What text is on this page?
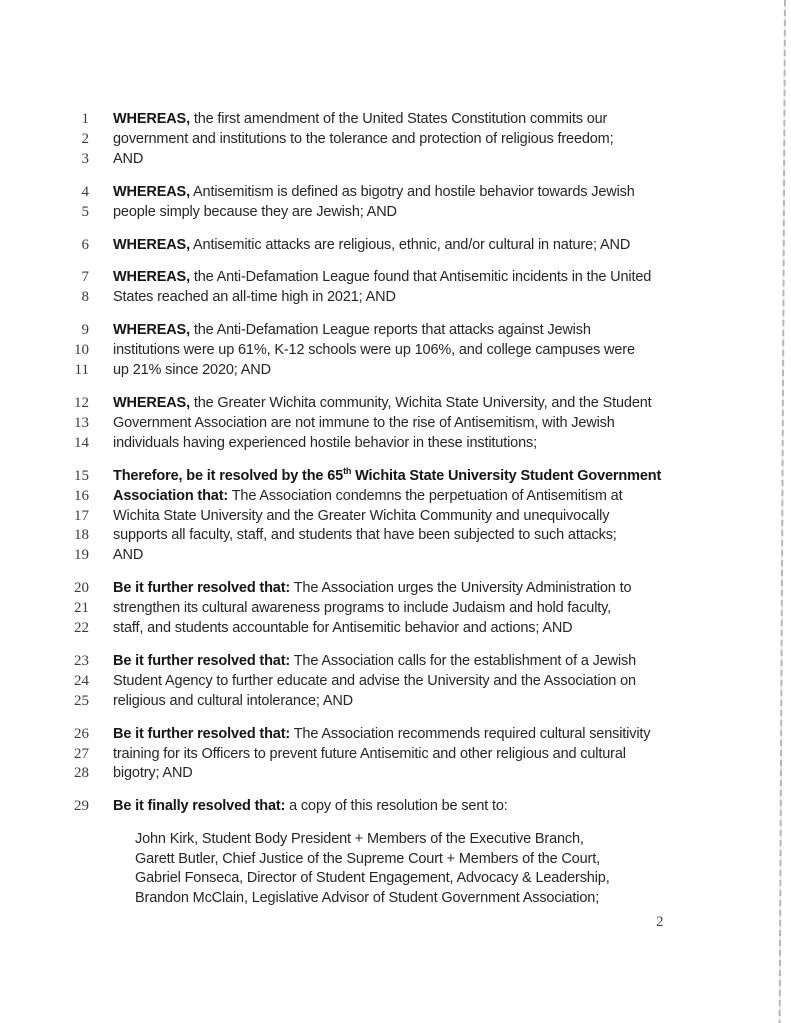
1 WHEREAS, the first amendment of the United States Constitution commits our
2 government and institutions to the tolerance and protection of religious freedom;
3 AND
4 WHEREAS, Antisemitism is defined as bigotry and hostile behavior towards Jewish
5 people simply because they are Jewish; AND
6 WHEREAS, Antisemitic attacks are religious, ethnic, and/or cultural in nature; AND
7 WHEREAS, the Anti-Defamation League found that Antisemitic incidents in the United
8 States reached an all-time high in 2021; AND
9 WHEREAS, the Anti-Defamation League reports that attacks against Jewish
10 institutions were up 61%, K-12 schools were up 106%, and college campuses were
11 up 21% since 2020; AND
12 WHEREAS, the Greater Wichita community, Wichita State University, and the Student
13 Government Association are not immune to the rise of Antisemitism, with Jewish
14 individuals having experienced hostile behavior in these institutions;
15 Therefore, be it resolved by the 65th Wichita State University Student Government
16 Association that: The Association condemns the perpetuation of Antisemitism at
17 Wichita State University and the Greater Wichita Community and unequivocally
18 supports all faculty, staff, and students that have been subjected to such attacks;
19 AND
20 Be it further resolved that: The Association urges the University Administration to
21 strengthen its cultural awareness programs to include Judaism and hold faculty,
22 staff, and students accountable for Antisemitic behavior and actions; AND
23 Be it further resolved that: The Association calls for the establishment of a Jewish
24 Student Agency to further educate and advise the University and the Association on
25 religious and cultural intolerance; AND
26 Be it further resolved that: The Association recommends required cultural sensitivity
27 training for its Officers to prevent future Antisemitic and other religious and cultural
28 bigotry; AND
29 Be it finally resolved that: a copy of this resolution be sent to:
John Kirk, Student Body President + Members of the Executive Branch,
Garett Butler, Chief Justice of the Supreme Court + Members of the Court,
Gabriel Fonseca, Director of Student Engagement, Advocacy & Leadership,
Brandon McClain, Legislative Advisor of Student Government Association;
2
